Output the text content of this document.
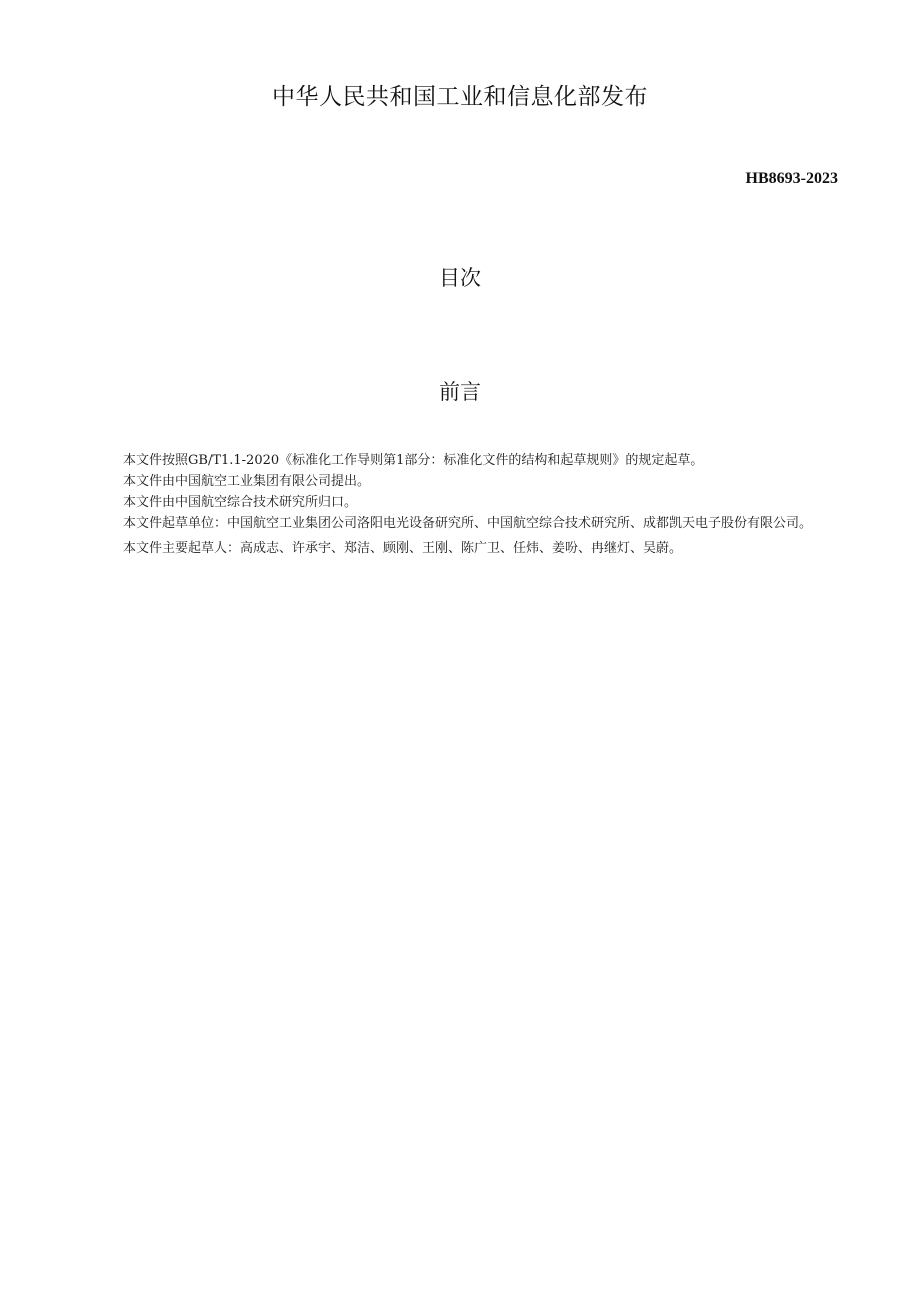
中华人民共和国工业和信息化部发布
HB8693-2023
目次
前言

本文件按照GB/T1.1-2020《标准化工作导则第1部分：标准化文件的结构和起草规则》的规定起草。

本文件由中国航空工业集团有限公司提出。

本文件由中国航空综合技术研究所归口。

本文件起草单位：中国航空工业集团公司洛阳电光设备研究所、中国航空综合技术研究所、成都凯天电子股份有限公司。

本文件主要起草人：高成志、许承宇、郑洁、顾刚、王刚、陈广卫、任炜、姜吩、冉继灯、吴蔚。
